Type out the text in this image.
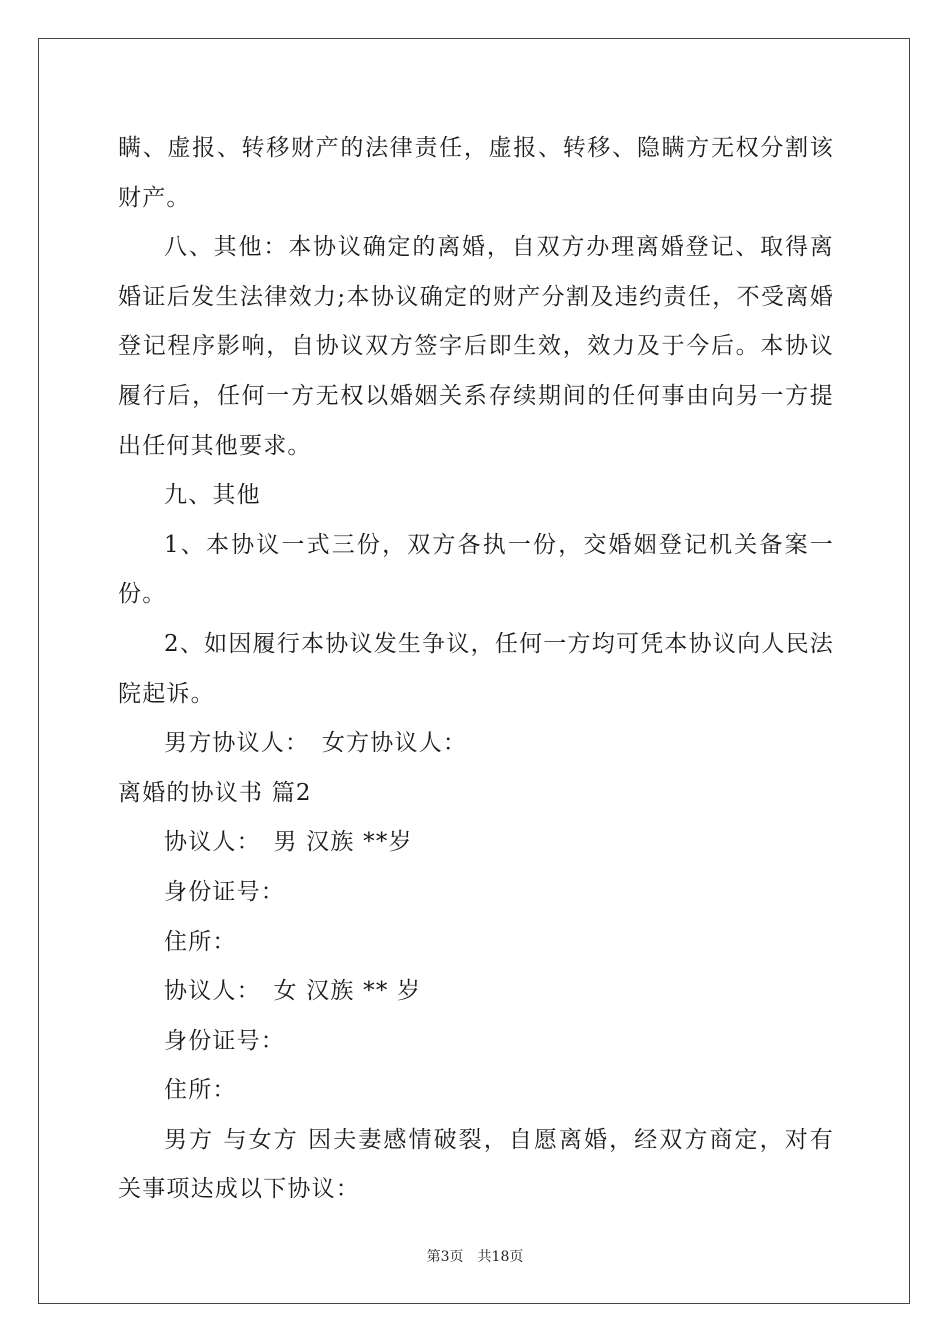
瞒、虚报、转移财产的法律责任，虚报、转移、隐瞒方无权分割该财产。

八、其他：本协议确定的离婚，自双方办理离婚登记、取得离婚证后发生法律效力;本协议确定的财产分割及违约责任，不受离婚登记程序影响，自协议双方签字后即生效，效力及于今后。本协议履行后，任何一方无权以婚姻关系存续期间的任何事由向另一方提出任何其他要求。

九、其他

1、本协议一式三份，双方各执一份，交婚姻登记机关备案一份。

2、如因履行本协议发生争议，任何一方均可凭本协议向人民法院起诉。

男方协议人：　女方协议人：

离婚的协议书 篇2

协议人：　男 汉族 **岁

身份证号：

住所：

协议人：　女 汉族 ** 岁

身份证号：

住所：

男方 与女方 因夫妻感情破裂，自愿离婚，经双方商定，对有关事项达成以下协议：

第3页 共18页
